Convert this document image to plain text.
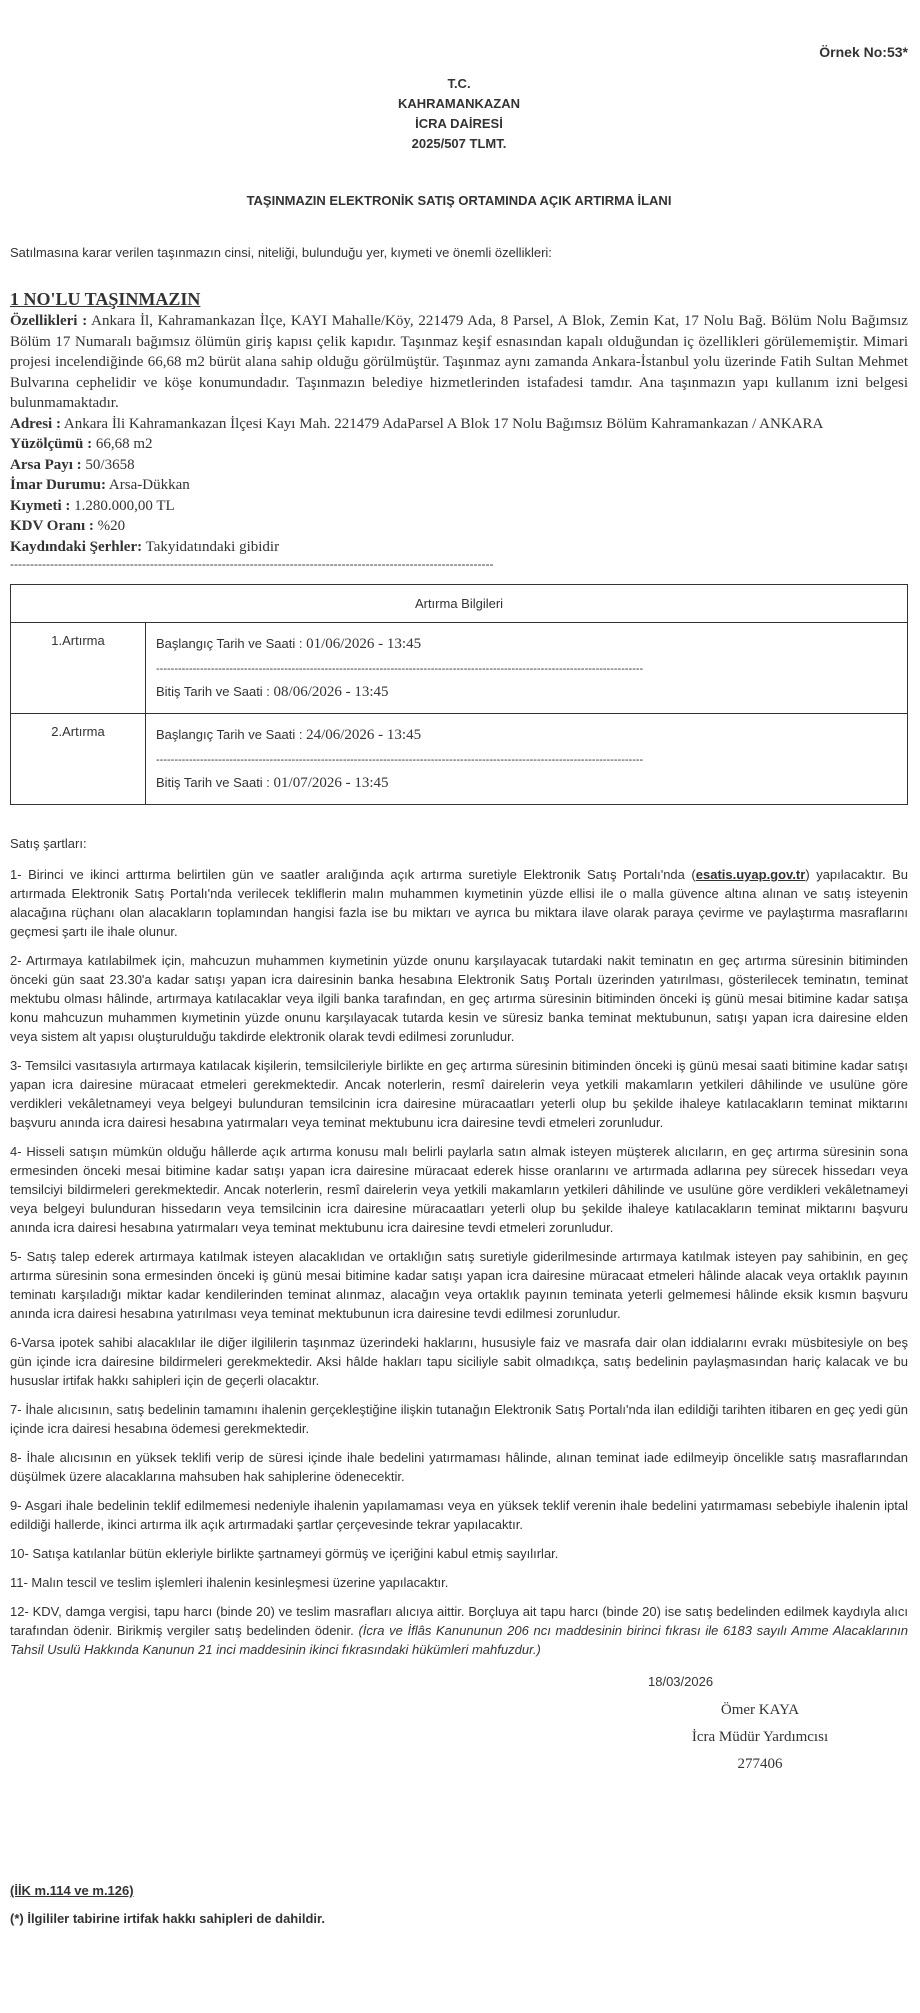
Örnek No:53*
T.C.
KAHRAMANKAZAN
İCRA DAİRESİ
2025/507 TLMT.
TAŞINMAZIN ELEKTRONİK SATIŞ ORTAMINDA AÇIK ARTIRMA İLANI
Satılmasına karar verilen taşınmazın cinsi, niteliği, bulunduğu yer, kıymeti ve önemli özellikleri:
1 NO'LU TAŞINMAZIN

Özellikleri : Ankara İl, Kahramankazan İlçe, KAYI Mahalle/Köy, 221479 Ada, 8 Parsel, A Blok, Zemin Kat, 17 Nolu Bağ. Bölüm Nolu Bağımsız Bölüm 17 Numaralı bağımsız ölümün giriş kapısı çelik kapıdır. Taşınmaz keşif esnasından kapalı olduğundan iç özellikleri görülememiştir. Mimari projesi incelendiğinde 66,68 m2 bürüt alana sahip olduğu görülmüştür. Taşınmaz aynı zamanda Ankara-İstanbul yolu üzerinde Fatih Sultan Mehmet Bulvarına cephelidir ve köşe konumundadır. Taşınmazın belediye hizmetlerinden istafadesi tamdır. Ana taşınmazın yapı kullanım izni belgesi bulunmamaktadır.

Adresi : Ankara İli Kahramankazan İlçesi Kayı Mah. 221479 AdaParsel A Blok 17 Nolu Bağımsız Bölüm Kahramankazan / ANKARA

Yüzölçümü : 66,68 m2

Arsa Payı : 50/3658

İmar Durumu: Arsa-Dükkan

Kıymeti : 1.280.000,00 TL

KDV Oranı : %20

Kaydındaki Şerhler: Takyidatındaki gibidir

-------------------------------------------------------------------------------------------------------------------------
Artırma Bilgileri	
1.Artırma	Başlangıç Tarih ve Saati : 01/06/2026 - 13:45
-------------------------------------------------------------------------------------------------------------------------------------
Bitiş Tarih ve Saati : 08/06/2026 - 13:45

2.Artırma	Başlangıç Tarih ve Saati : 24/06/2026 - 13:45
-------------------------------------------------------------------------------------------------------------------------------------
Bitiş Tarih ve Saati : 01/07/2026 - 13:45

Satış şartları:

1- Birinci ve ikinci arttırma belirtilen gün ve saatler aralığında açık artırma suretiyle Elektronik Satış Portalı'nda (esatis.uyap.gov.tr) yapılacaktır. Bu artırmada Elektronik Satış Portalı'nda verilecek tekliflerin malın muhammen kıymetinin yüzde ellisi ile o malla güvence altına alınan ve satış isteyenin alacağına rüçhanı olan alacakların toplamından hangisi fazla ise bu miktarı ve ayrıca bu miktara ilave olarak paraya çevirme ve paylaştırma masraflarını geçmesi şartı ile ihale olunur.

2- Artırmaya katılabilmek için, mahcuzun muhammen kıymetinin yüzde onunu karşılayacak tutardaki nakit teminatın en geç artırma süresinin bitiminden önceki gün saat 23.30'a kadar satışı yapan icra dairesinin banka hesabına Elektronik Satış Portalı üzerinden yatırılması, gösterilecek teminatın, teminat mektubu olması hâlinde, artırmaya katılacaklar veya ilgili banka tarafından, en geç artırma süresinin bitiminden önceki iş günü mesai bitimine kadar satışa konu mahcuzun muhammen kıymetinin yüzde onunu karşılayacak tutarda kesin ve süresiz banka teminat mektubunun, satışı yapan icra dairesine elden veya sistem alt yapısı oluşturulduğu takdirde elektronik olarak tevdi edilmesi zorunludur.

3- Temsilci vasıtasıyla artırmaya katılacak kişilerin, temsilcileriyle birlikte en geç artırma süresinin bitiminden önceki iş günü mesai saati bitimine kadar satışı yapan icra dairesine müracaat etmeleri gerekmektedir. Ancak noterlerin, resmî dairelerin veya yetkili makamların yetkileri dâhilinde ve usulüne göre verdikleri vekâletnameyi veya belgeyi bulunduran temsilcinin icra dairesine müracaatları yeterli olup bu şekilde ihaleye katılacakların teminat miktarını başvuru anında icra dairesi hesabına yatırmaları veya teminat mektubunu icra dairesine tevdi etmeleri zorunludur.

4- Hisseli satışın mümkün olduğu hâllerde açık artırma konusu malı belirli paylarla satın almak isteyen müşterek alıcıların, en geç artırma süresinin sona ermesinden önceki mesai bitimine kadar satışı yapan icra dairesine müracaat ederek hisse oranlarını ve artırmada adlarına pey sürecek hissedarı veya temsilciyi bildirmeleri gerekmektedir. Ancak noterlerin, resmî dairelerin veya yetkili makamların yetkileri dâhilinde ve usulüne göre verdikleri vekâletnameyi veya belgeyi bulunduran hissedarın veya temsilcinin icra dairesine müracaatları yeterli olup bu şekilde ihaleye katılacakların teminat miktarını başvuru anında icra dairesi hesabına yatırmaları veya teminat mektubunu icra dairesine tevdi etmeleri zorunludur.

5- Satış talep ederek artırmaya katılmak isteyen alacaklıdan ve ortaklığın satış suretiyle giderilmesinde artırmaya katılmak isteyen pay sahibinin, en geç artırma süresinin sona ermesinden önceki iş günü mesai bitimine kadar satışı yapan icra dairesine müracaat etmeleri hâlinde alacak veya ortaklık payının teminatı karşıladığı miktar kadar kendilerinden teminat alınmaz, alacağın veya ortaklık payının teminata yeterli gelmemesi hâlinde eksik kısmın başvuru anında icra dairesi hesabına yatırılması veya teminat mektubunun icra dairesine tevdi edilmesi zorunludur.

6-Varsa ipotek sahibi alacaklılar ile diğer ilgililerin taşınmaz üzerindeki haklarını, hususiyle faiz ve masrafa dair olan iddialarını evrakı müsbitesiyle on beş gün içinde icra dairesine bildirmeleri gerekmektedir. Aksi hâlde hakları tapu siciliyle sabit olmadıkça, satış bedelinin paylaşmasından hariç kalacak ve bu hususlar irtifak hakkı sahipleri için de geçerli olacaktır.

7- İhale alıcısının, satış bedelinin tamamını ihalenin gerçekleştiğine ilişkin tutanağın Elektronik Satış Portalı'nda ilan edildiği tarihten itibaren en geç yedi gün içinde icra dairesi hesabına ödemesi gerekmektedir.

8- İhale alıcısının en yüksek teklifi verip de süresi içinde ihale bedelini yatırmaması hâlinde, alınan teminat iade edilmeyip öncelikle satış masraflarından düşülmek üzere alacaklarına mahsuben hak sahiplerine ödenecektir.

9- Asgari ihale bedelinin teklif edilmemesi nedeniyle ihalenin yapılamaması veya en yüksek teklif verenin ihale bedelini yatırmaması sebebiyle ihalenin iptal edildiği hallerde, ikinci artırma ilk açık artırmadaki şartlar çerçevesinde tekrar yapılacaktır.

10- Satışa katılanlar bütün ekleriyle birlikte şartnameyi görmüş ve içeriğini kabul etmiş sayılırlar.

11- Malın tescil ve teslim işlemleri ihalenin kesinleşmesi üzerine yapılacaktır.

12- KDV, damga vergisi, tapu harcı (binde 20) ve teslim masrafları alıcıya aittir. Borçluya ait tapu harcı (binde 20) ise satış bedelinden edilmek kaydıyla alıcı tarafından ödenir. Birikmiş vergiler satış bedelinden ödenir. (İcra ve İflâs Kanununun 206 ncı maddesinin birinci fıkrası ile 6183 sayılı Amme Alacaklarının Tahsil Usulü Hakkında Kanunun 21 inci maddesinin ikinci fıkrasındaki hükümleri mahfuzdur.)

18/03/2026
Ömer KAYA
İcra Müdür Yardımcısı
277406
(İİK m.114 ve m.126)
(*) İlgililer tabirine irtifak hakkı sahipleri de dahildir.
